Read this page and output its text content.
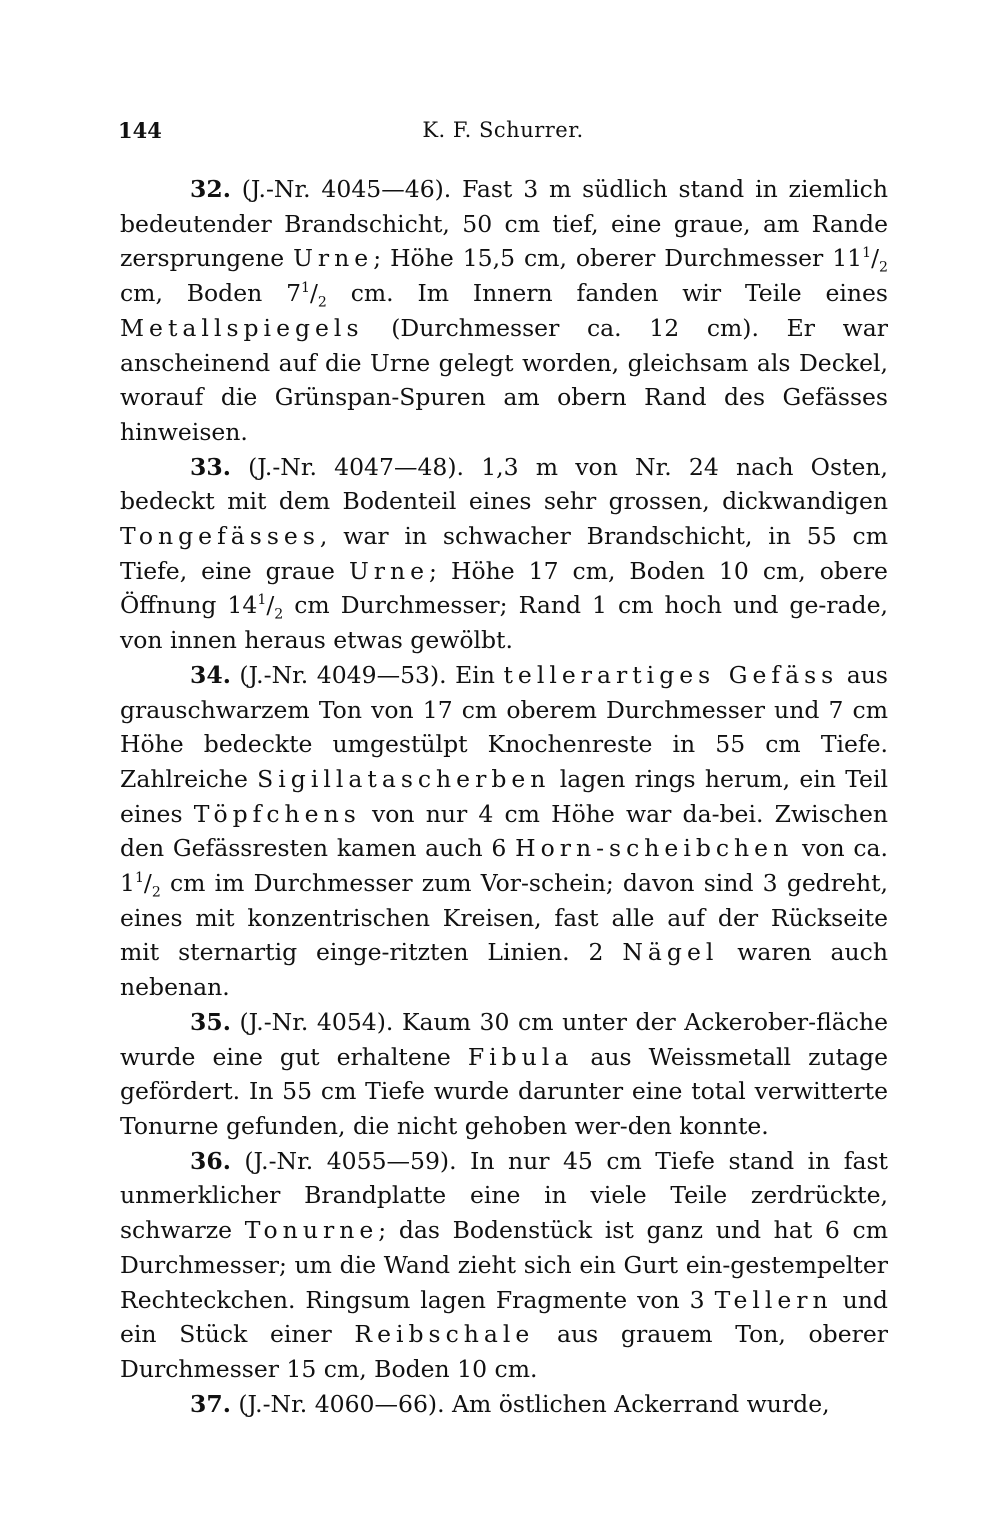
144	K. F. Schurrer.

32. (J.-Nr. 4045—46). Fast 3 m südlich stand in ziemlich bedeutender Brandschicht, 50 cm tief, eine graue, am Rande zersprungene Urne; Höhe 15,5 cm, oberer Durchmesser $11^1/_2$ cm, Boden $7^1/_2$ cm. Im Innern fanden wir Teile eines Metallspiegels (Durchmesser ca. 12 cm). Er war anscheinend auf die Urne gelegt worden, gleichsam als Deckel, worauf die Grünspan-Spuren am obern Rand des Gefässes hinweisen.

33. (J.-Nr. 4047—48). 1,3 m von Nr. 24 nach Osten, bedeckt mit dem Bodenteil eines sehr grossen, dickwandigen Tongefässes, war in schwacher Brandschicht, in 55 cm Tiefe, eine graue Urne; Höhe 17 cm, Boden 10 cm, obere Öffnung $14^1/_2$ cm Durchmesser; Rand 1 cm hoch und ge-rade, von innen heraus etwas gewölbt.

34. (J.-Nr. 4049—53). Ein tellerartiges Gefäss aus grauschwarzem Ton von 17 cm oberem Durchmesser und 7 cm Höhe bedeckte umgestülpt Knochenreste in 55 cm Tiefe. Zahlreiche Sigillatascherben lagen rings herum, ein Teil eines Töpfchens von nur 4 cm Höhe war da-bei. Zwischen den Gefässresten kamen auch 6 Horn-scheibchen von ca. $1^1/_2$ cm im Durchmesser zum Vor-schein; davon sind 3 gedreht, eines mit konzentrischen Kreisen, fast alle auf der Rückseite mit sternartig einge-ritzten Linien. 2 Nägel waren auch nebenan.

35. (J.-Nr. 4054). Kaum 30 cm unter der Ackerober-fläche wurde eine gut erhaltene Fibula aus Weissmetall zutage gefördert. In 55 cm Tiefe wurde darunter eine total verwitterte Tonurne gefunden, die nicht gehoben wer-den konnte.

36. (J.-Nr. 4055—59). In nur 45 cm Tiefe stand in fast unmerklicher Brandplatte eine in viele Teile zerdrückte, schwarze Tonurne; das Bodenstück ist ganz und hat 6 cm Durchmesser; um die Wand zieht sich ein Gurt ein-gestempelter Rechteckchen. Ringsum lagen Fragmente von 3 Tellern und ein Stück einer Reibschale aus grauem Ton, oberer Durchmesser 15 cm, Boden 10 cm.

37. (J.-Nr. 4060—66). Am östlichen Ackerrand wurde,
